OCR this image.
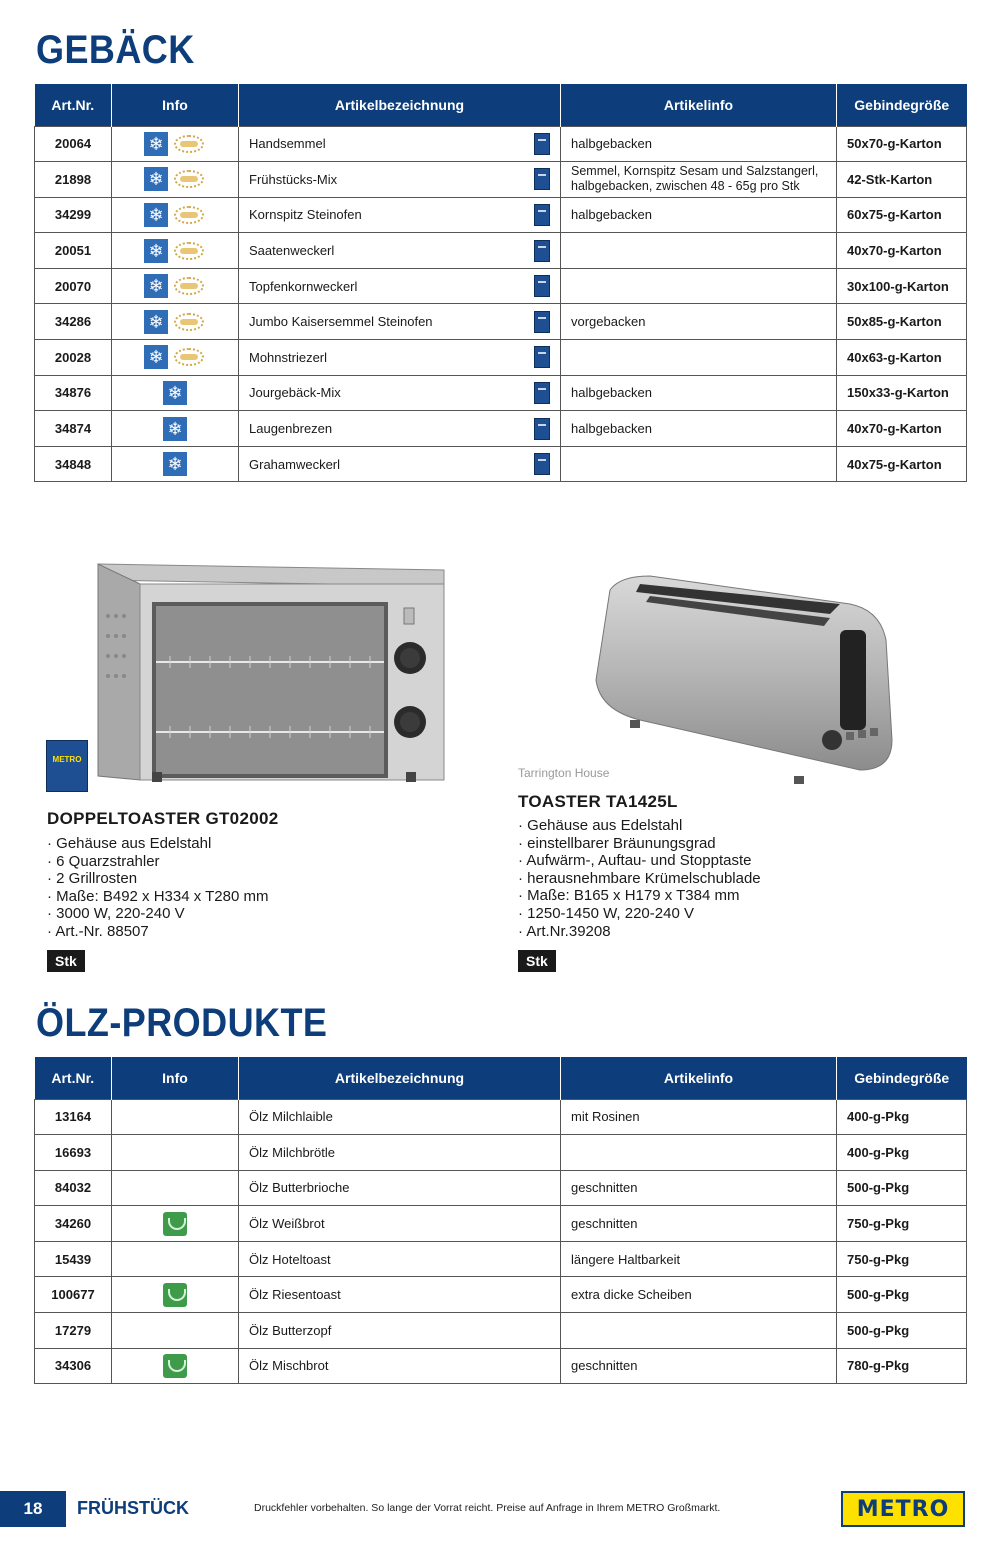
GEBÄCK
Art.Nr.	Info	Artikelbezeichnung	Artikelinfo	Gebindegröße
20064	❄	Handsemmel	halbgebacken	50x70-g-Karton
21898	❄	Frühstücks-Mix	Semmel, Kornspitz Sesam und Salzstangerl, halbgebacken, zwischen 48 - 65g pro Stk	42-Stk-Karton
34299	❄	Kornspitz Steinofen	halbgebacken	60x75-g-Karton
20051	❄	Saatenweckerl		40x70-g-Karton
20070	❄	Topfenkornweckerl		30x100-g-Karton
34286	❄	Jumbo Kaisersemmel Steinofen	vorgebacken	50x85-g-Karton
20028	❄	Mohnstriezerl		40x63-g-Karton
34876	❄	Jourgebäck-Mix	halbgebacken	150x33-g-Karton
34874	❄	Laugenbrezen	halbgebacken	40x70-g-Karton
34848	❄	Grahamweckerl		40x75-g-Karton
METRO
DOPPELTOASTER GT02002
· Gehäuse aus Edelstahl
· 6 Quarzstrahler
· 2 Grillrosten
· Maße: B492 x H334 x T280 mm
· 3000 W, 220-240 V
· Art.-Nr. 88507
Stk
Tarrington House
TOASTER TA1425L
· Gehäuse aus Edelstahl
· einstellbarer Bräunungsgrad
· Aufwärm-, Auftau- und Stopptaste
· herausnehmbare Krümelschublade
· Maße: B165 x H179 x T384 mm
· 1250-1450 W, 220-240 V
· Art.Nr.39208
Stk
ÖLZ-PRODUKTE
Art.Nr.	Info	Artikelbezeichnung	Artikelinfo	Gebindegröße
13164		Ölz Milchlaible	mit Rosinen	400-g-Pkg
16693		Ölz Milchbrötle		400-g-Pkg
84032		Ölz Butterbrioche	geschnitten	500-g-Pkg
34260		Ölz Weißbrot	geschnitten	750-g-Pkg
15439		Ölz Hoteltoast	längere Haltbarkeit	750-g-Pkg
100677		Ölz Riesentoast	extra dicke Scheiben	500-g-Pkg
17279		Ölz Butterzopf		500-g-Pkg
34306		Ölz Mischbrot	geschnitten	780-g-Pkg
18	FRÜHSTÜCK	Druckfehler vorbehalten. So lange der Vorrat reicht. Preise auf Anfrage in Ihrem METRO Großmarkt.	METRO
